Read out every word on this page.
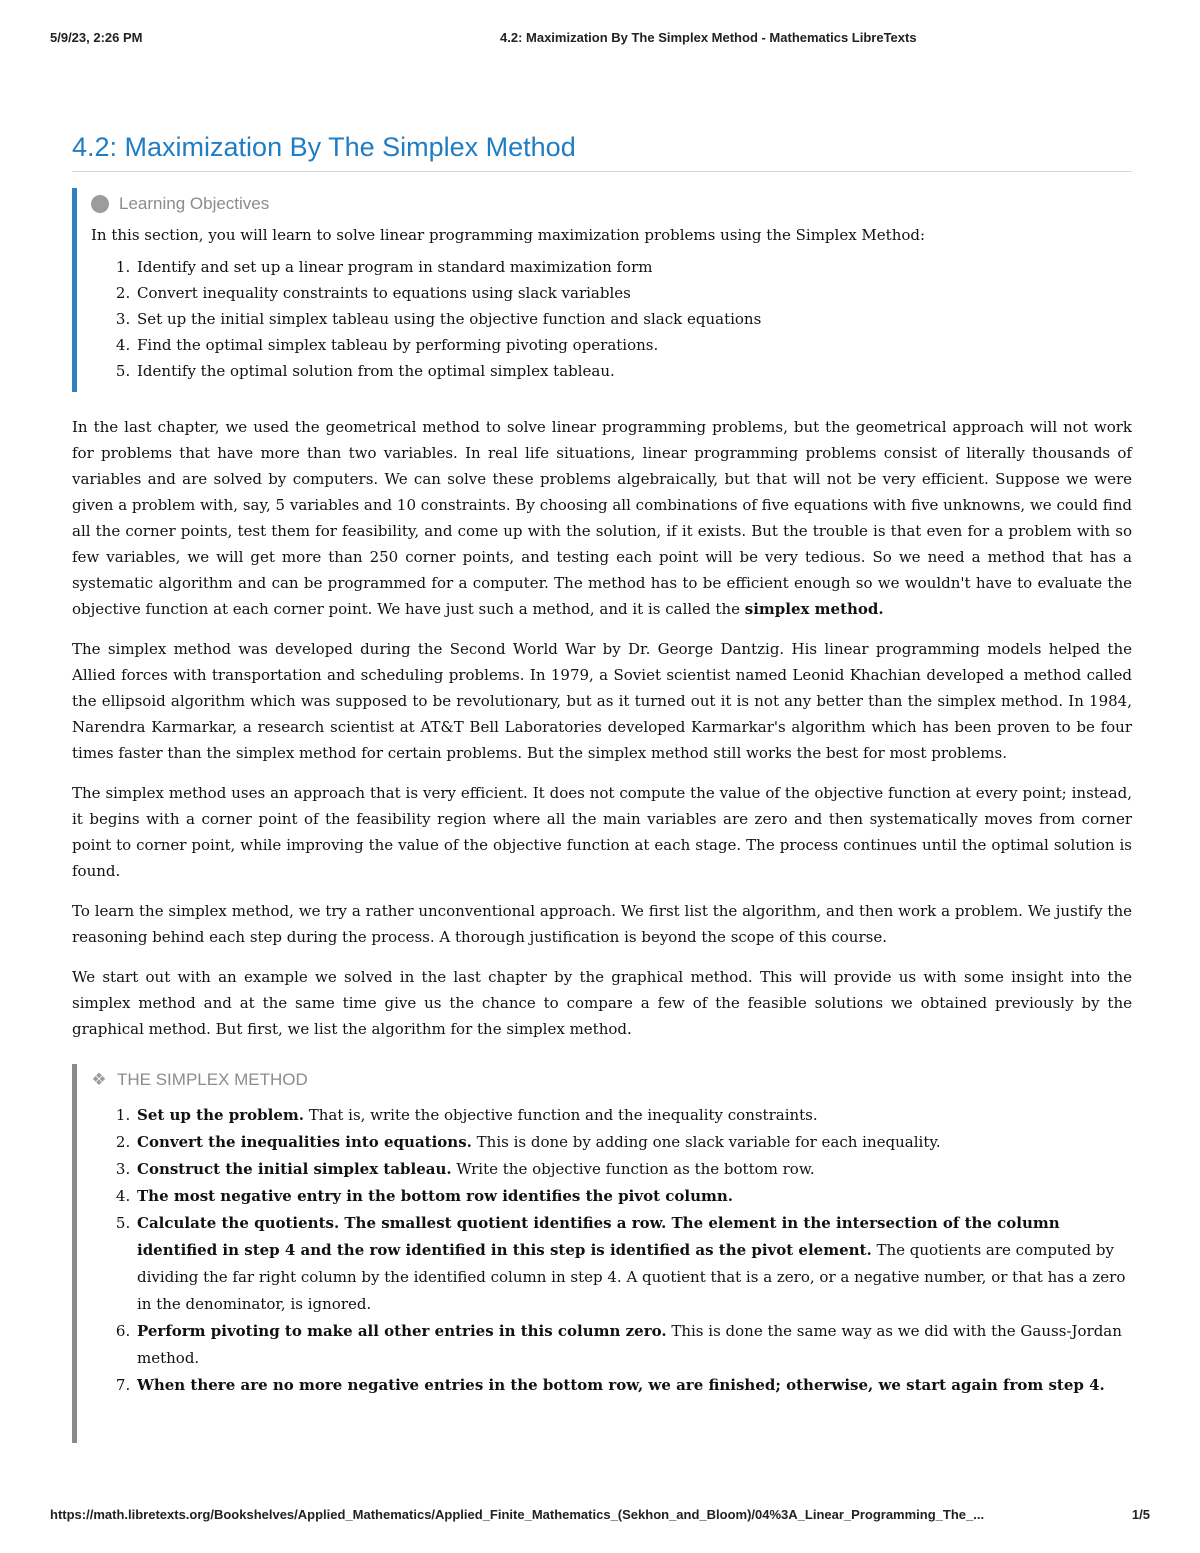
5/9/23, 2:26 PM	4.2: Maximization By The Simplex Method - Mathematics LibreTexts
4.2: Maximization By The Simplex Method
Learning Objectives

In this section, you will learn to solve linear programming maximization problems using the Simplex Method:

1. Identify and set up a linear program in standard maximization form
2. Convert inequality constraints to equations using slack variables
3. Set up the initial simplex tableau using the objective function and slack equations
4. Find the optimal simplex tableau by performing pivoting operations.
5. Identify the optimal solution from the optimal simplex tableau.

In the last chapter, we used the geometrical method to solve linear programming problems, but the geometrical approach will not work for problems that have more than two variables. In real life situations, linear programming problems consist of literally thousands of variables and are solved by computers. We can solve these problems algebraically, but that will not be very efficient. Suppose we were given a problem with, say, 5 variables and 10 constraints. By choosing all combinations of five equations with five unknowns, we could find all the corner points, test them for feasibility, and come up with the solution, if it exists. But the trouble is that even for a problem with so few variables, we will get more than 250 corner points, and testing each point will be very tedious. So we need a method that has a systematic algorithm and can be programmed for a computer. The method has to be efficient enough so we wouldn't have to evaluate the objective function at each corner point. We have just such a method, and it is called the simplex method.

The simplex method was developed during the Second World War by Dr. George Dantzig. His linear programming models helped the Allied forces with transportation and scheduling problems. In 1979, a Soviet scientist named Leonid Khachian developed a method called the ellipsoid algorithm which was supposed to be revolutionary, but as it turned out it is not any better than the simplex method. In 1984, Narendra Karmarkar, a research scientist at AT&T Bell Laboratories developed Karmarkar's algorithm which has been proven to be four times faster than the simplex method for certain problems. But the simplex method still works the best for most problems.

The simplex method uses an approach that is very efficient. It does not compute the value of the objective function at every point; instead, it begins with a corner point of the feasibility region where all the main variables are zero and then systematically moves from corner point to corner point, while improving the value of the objective function at each stage. The process continues until the optimal solution is found.

To learn the simplex method, we try a rather unconventional approach. We first list the algorithm, and then work a problem. We justify the reasoning behind each step during the process. A thorough justification is beyond the scope of this course.

We start out with an example we solved in the last chapter by the graphical method. This will provide us with some insight into the simplex method and at the same time give us the chance to compare a few of the feasible solutions we obtained previously by the graphical method. But first, we list the algorithm for the simplex method.

❖ THE SIMPLEX METHOD
1. Set up the problem. That is, write the objective function and the inequality constraints.
2. Convert the inequalities into equations. This is done by adding one slack variable for each inequality.
3. Construct the initial simplex tableau. Write the objective function as the bottom row.
4. The most negative entry in the bottom row identifies the pivot column.
5. Calculate the quotients. The smallest quotient identifies a row. The element in the intersection of the column identified in step 4 and the row identified in this step is identified as the pivot element. The quotients are computed by dividing the far right column by the identified column in step 4. A quotient that is a zero, or a negative number, or that has a zero in the denominator, is ignored.
6. Perform pivoting to make all other entries in this column zero. This is done the same way as we did with the Gauss-Jordan method.
7. When there are no more negative entries in the bottom row, we are finished; otherwise, we start again from step 4.
https://math.libretexts.org/Bookshelves/Applied_Mathematics/Applied_Finite_Mathematics_(Sekhon_and_Bloom)/04%3A_Linear_Programming_The_...	1/5
